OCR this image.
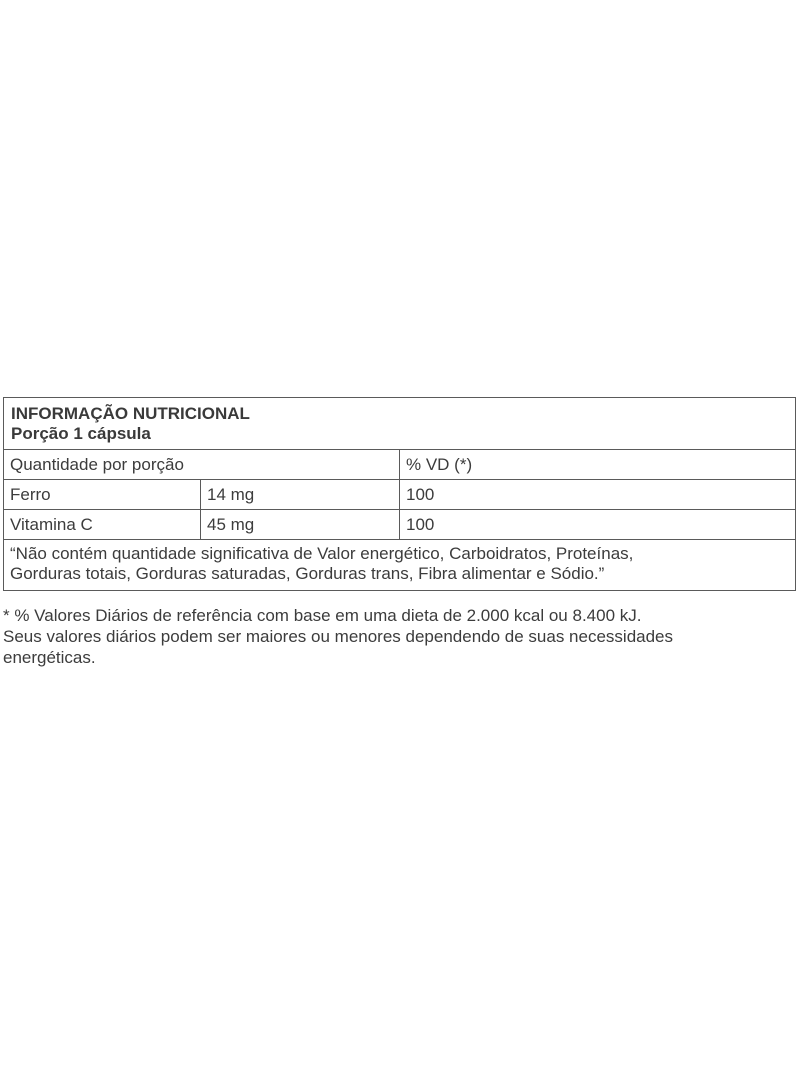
INFORMAÇÃO NUTRICIONAL
Porção 1 cápsula
Quantidade por porção	% VD (*)
Ferro	14 mg	100
Vitamina C	45 mg	100
“Não contém quantidade significativa de Valor energético, Carboidratos, Proteínas,
Gorduras totais, Gorduras saturadas, Gorduras trans, Fibra alimentar e Sódio.”
* % Valores Diários de referência com base em uma dieta de 2.000 kcal ou 8.400 kJ.
Seus valores diários podem ser maiores ou menores dependendo de suas necessidades
energéticas.
